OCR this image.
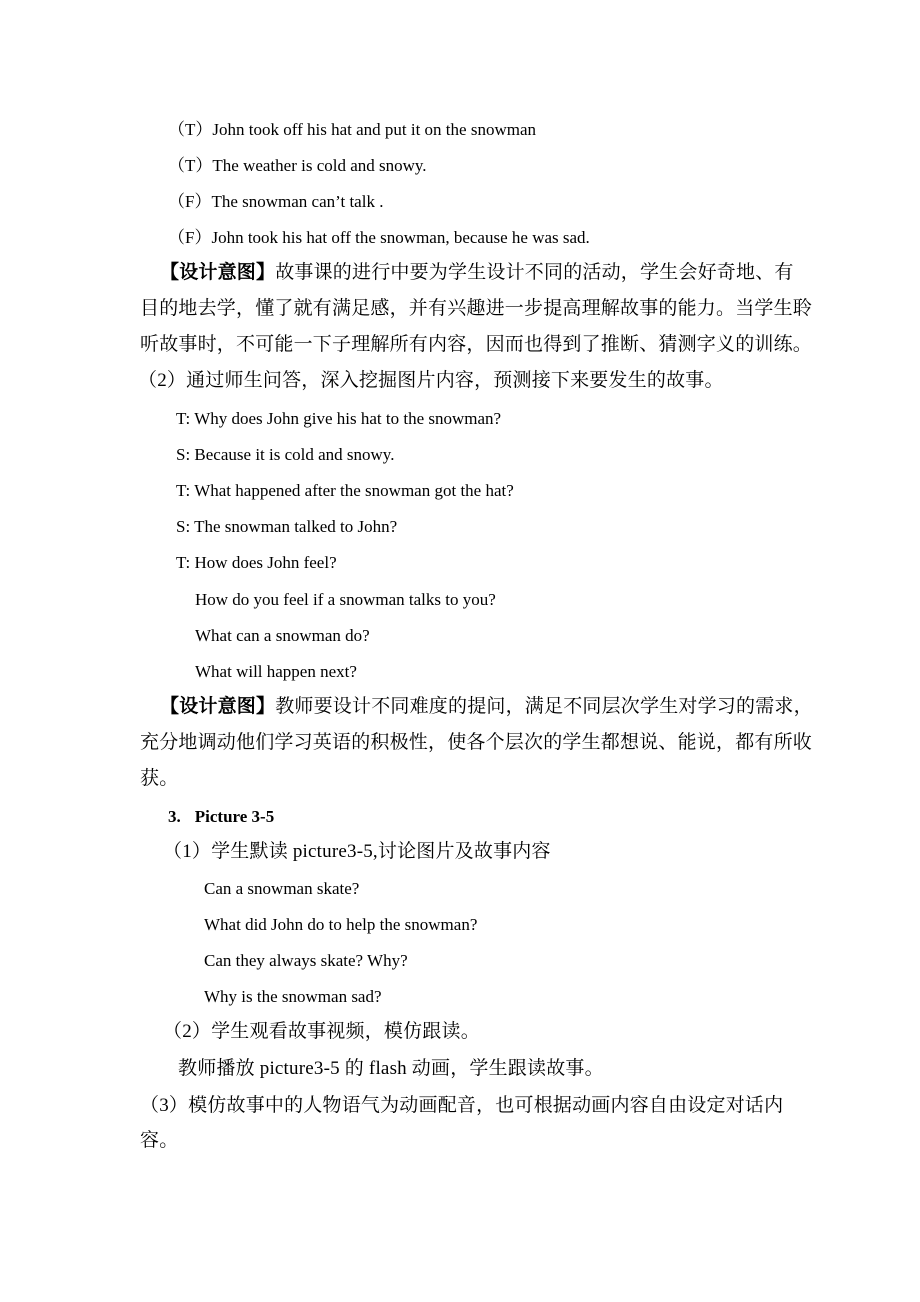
（T）John took off his hat and put it on the snowman
（T）The weather is cold and snowy.
（F）The snowman can’t talk .
（F）John took his hat off the snowman, because he was sad.
【设计意图】故事课的进行中要为学生设计不同的活动，学生会好奇地、有
目的地去学，懂了就有满足感，并有兴趣进一步提高理解故事的能力。当学生聆
听故事时，不可能一下子理解所有内容，因而也得到了推断、猜测字义的训练。
（2）通过师生问答，深入挖掘图片内容，预测接下来要发生的故事。
T: Why does John give his hat to the snowman?
S: Because it is cold and snowy.
T: What happened after the snowman got the hat?
S: The snowman talked to John?
T: How does John feel?
How do you feel if a snowman talks to you?
What can a snowman do?
What will happen next?
【设计意图】教师要设计不同难度的提问，满足不同层次学生对学习的需求，
充分地调动他们学习英语的积极性，使各个层次的学生都想说、能说，都有所收
获。
3. Picture 3-5
（1）学生默读 picture3-5,讨论图片及故事内容
Can a snowman skate?
What did John do to help the snowman?
Can they always skate? Why?
Why is the snowman sad?
（2）学生观看故事视频，模仿跟读。
教师播放 picture3-5 的 flash 动画，学生跟读故事。
（3）模仿故事中的人物语气为动画配音，也可根据动画内容自由设定对话内
容。
